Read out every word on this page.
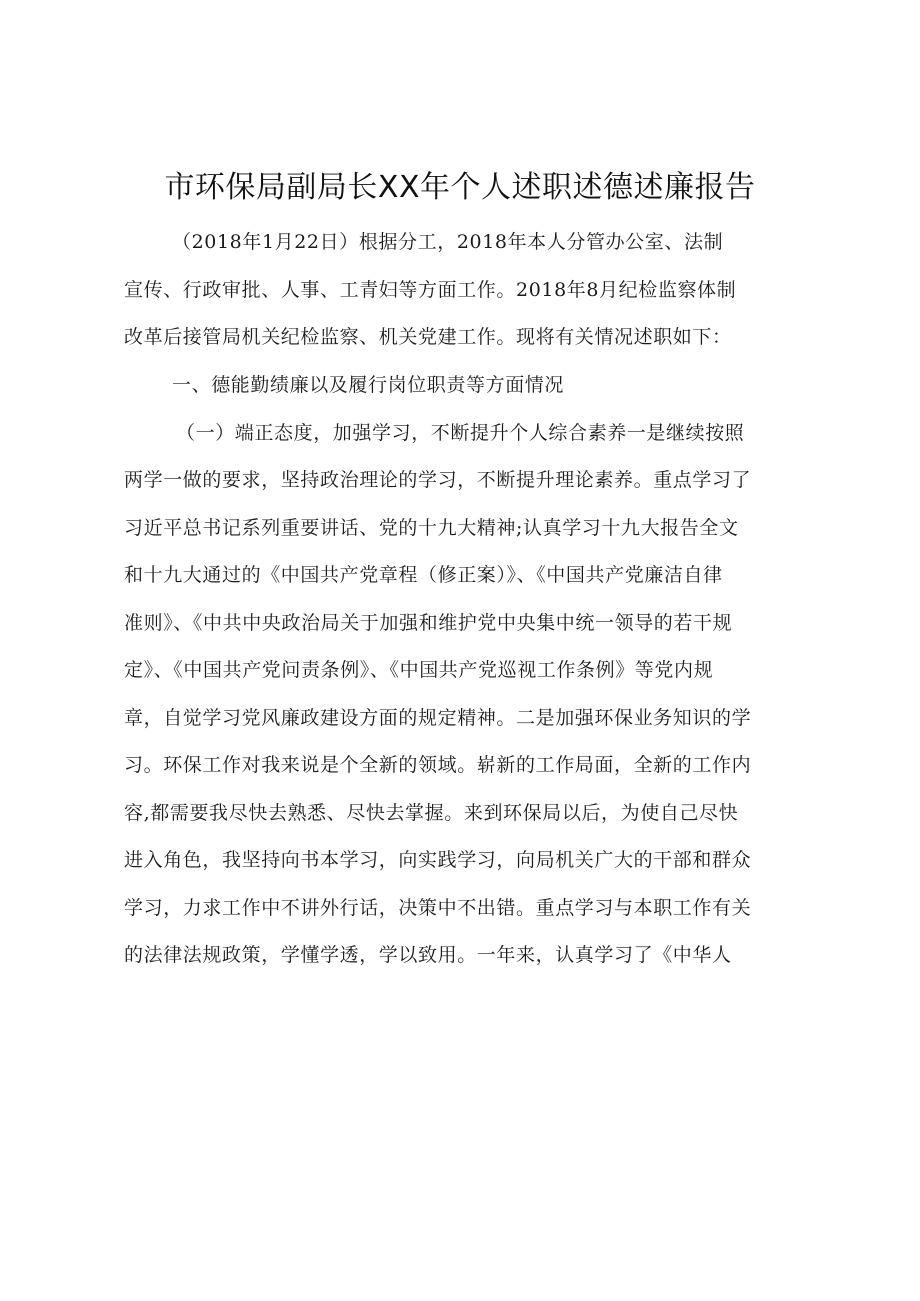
市环保局副局长XX年个人述职述德述廉报告
（2018年1月22日）根据分工，2018年本人分管办公室、法制
宣传、行政审批、人事、工青妇等方面工作。2018年8月纪检监察体制
改革后接管局机关纪检监察、机关党建工作。现将有关情况述职如下：
一、德能勤绩廉以及履行岗位职责等方面情况
（一）端正态度，加强学习，不断提升个人综合素养一是继续按照
两学一做的要求，坚持政治理论的学习，不断提升理论素养。重点学习了
习近平总书记系列重要讲话、党的十九大精神;认真学习十九大报告全文
和十九大通过的《中国共产党章程（修正案）》、《中国共产党廉洁自律
准则》、《中共中央政治局关于加强和维护党中央集中统一领导的若干规
定》、《中国共产党问责条例》、《中国共产党巡视工作条例》等党内规
章，自觉学习党风廉政建设方面的规定精神。二是加强环保业务知识的学
习。环保工作对我来说是个全新的领域。崭新的工作局面，全新的工作内
容,都需要我尽快去熟悉、尽快去掌握。来到环保局以后，为使自己尽快
进入角色，我坚持向书本学习，向实践学习，向局机关广大的干部和群众
学习，力求工作中不讲外行话，决策中不出错。重点学习与本职工作有关
的法律法规政策，学懂学透，学以致用。一年来，认真学习了《中华人
